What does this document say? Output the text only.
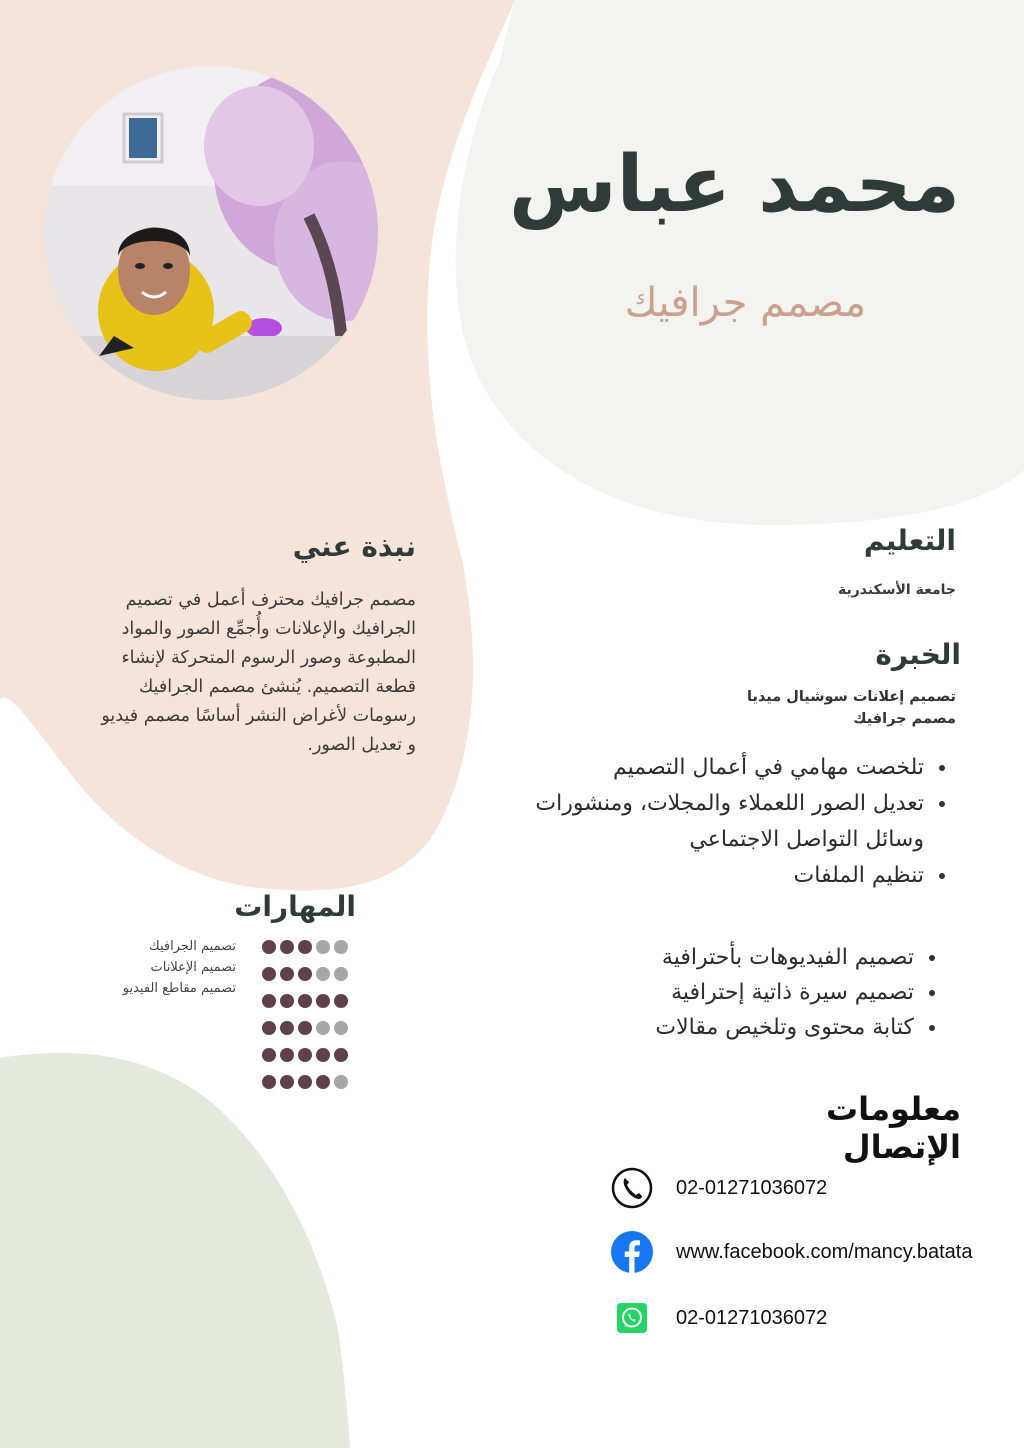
محمد عباس
مصمم جرافيك
نبذة عني
مصمم جرافيك محترف أعمل في تصميم الجرافيك والإعلانات وأُجمِّع الصور والمواد المطبوعة وصور الرسوم المتحركة لإنشاء قطعة التصميم. يُنشئ مصمم الجرافيك رسومات لأغراض النشر أساسًا مصمم فيديو و تعديل الصور.
التعليم
جامعة الأسكندرية
الخبرة
تصميم إعلانات سوشيال ميديا
مصمم جرافيك
تلخصت مهامي في أعمال التصميم
تعديل الصور اللعملاء والمجلات، ومنشورات وسائل التواصل الاجتماعي
تنظيم الملفات
تصميم الفيديوهات بأحترافية
تصميم سيرة ذاتية إحترافية
كتابة محتوى وتلخيص مقالات
المهارات
تصميم الجرافيك
تصميم الإعلانات
تصميم مقاطع الفيديو
معلومات الإتصال
02-01271036072
www.facebook.com/mancy.batata
02-01271036072
